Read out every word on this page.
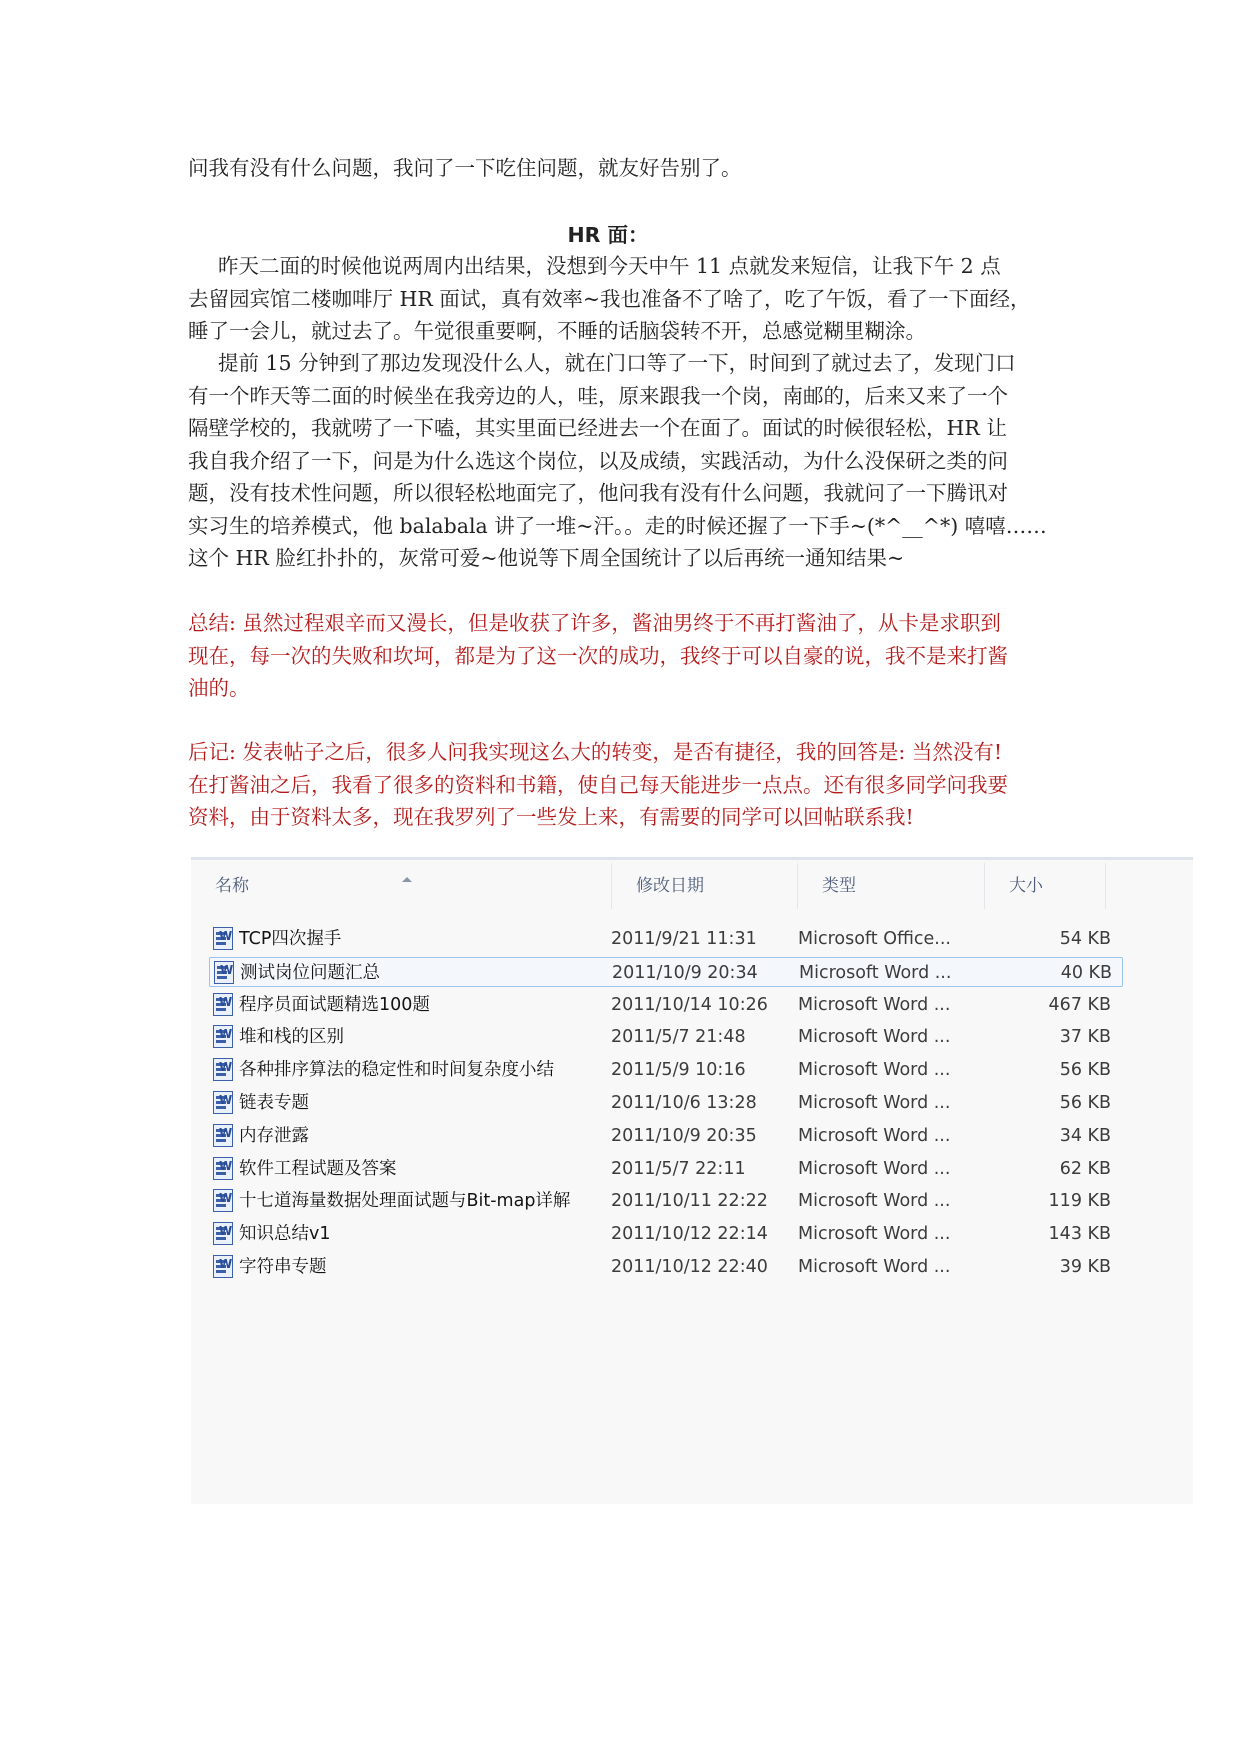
问我有没有什么问题，我问了一下吃住问题，就友好告别了。
HR 面：
昨天二面的时候他说两周内出结果，没想到今天中午 11 点就发来短信，让我下午 2 点
去留园宾馆二楼咖啡厅 HR 面试，真有效率~我也准备不了啥了，吃了午饭，看了一下面经，
睡了一会儿，就过去了。午觉很重要啊，不睡的话脑袋转不开，总感觉糊里糊涂。
提前 15 分钟到了那边发现没什么人，就在门口等了一下，时间到了就过去了，发现门口
有一个昨天等二面的时候坐在我旁边的人，哇，原来跟我一个岗，南邮的，后来又来了一个
隔壁学校的，我就唠了一下嗑，其实里面已经进去一个在面了。面试的时候很轻松，HR 让
我自我介绍了一下，问是为什么选这个岗位，以及成绩，实践活动，为什么没保研之类的问
题，没有技术性问题，所以很轻松地面完了，他问我有没有什么问题，我就问了一下腾讯对
实习生的培养模式，他 balabala 讲了一堆~汗。。走的时候还握了一下手~(*^__^*) 嘻嘻……
这个 HR 脸红扑扑的，灰常可爱~他说等下周全国统计了以后再统一通知结果~
总结: 虽然过程艰辛而又漫长，但是收获了许多，酱油男终于不再打酱油了，从卡是求职到
现在，每一次的失败和坎坷，都是为了这一次的成功，我终于可以自豪的说，我不是来打酱
油的。
后记: 发表帖子之后，很多人问我实现这么大的转变，是否有捷径，我的回答是: 当然没有!
在打酱油之后，我看了很多的资料和书籍，使自己每天能进步一点点。还有很多同学问我要
资料，由于资料太多，现在我罗列了一些发上来，有需要的同学可以回帖联系我!
名称	修改日期	类型	大小
W
TCP四次握手	2011/9/21 11:31	Microsoft Office...	54 KB
W
测试岗位问题汇总	2011/10/9 20:34	Microsoft Word ...	40 KB
W
程序员面试题精选100题	2011/10/14 10:26	Microsoft Word ...	467 KB
W
堆和栈的区别	2011/5/7 21:48	Microsoft Word ...	37 KB
W
各种排序算法的稳定性和时间复杂度小结	2011/5/9 10:16	Microsoft Word ...	56 KB
W
链表专题	2011/10/6 13:28	Microsoft Word ...	56 KB
W
内存泄露	2011/10/9 20:35	Microsoft Word ...	34 KB
W
软件工程试题及答案	2011/5/7 22:11	Microsoft Word ...	62 KB
W
十七道海量数据处理面试题与Bit-map详解	2011/10/11 22:22	Microsoft Word ...	119 KB
W
知识总结v1	2011/10/12 22:14	Microsoft Word ...	143 KB
W
字符串专题	2011/10/12 22:40	Microsoft Word ...	39 KB
